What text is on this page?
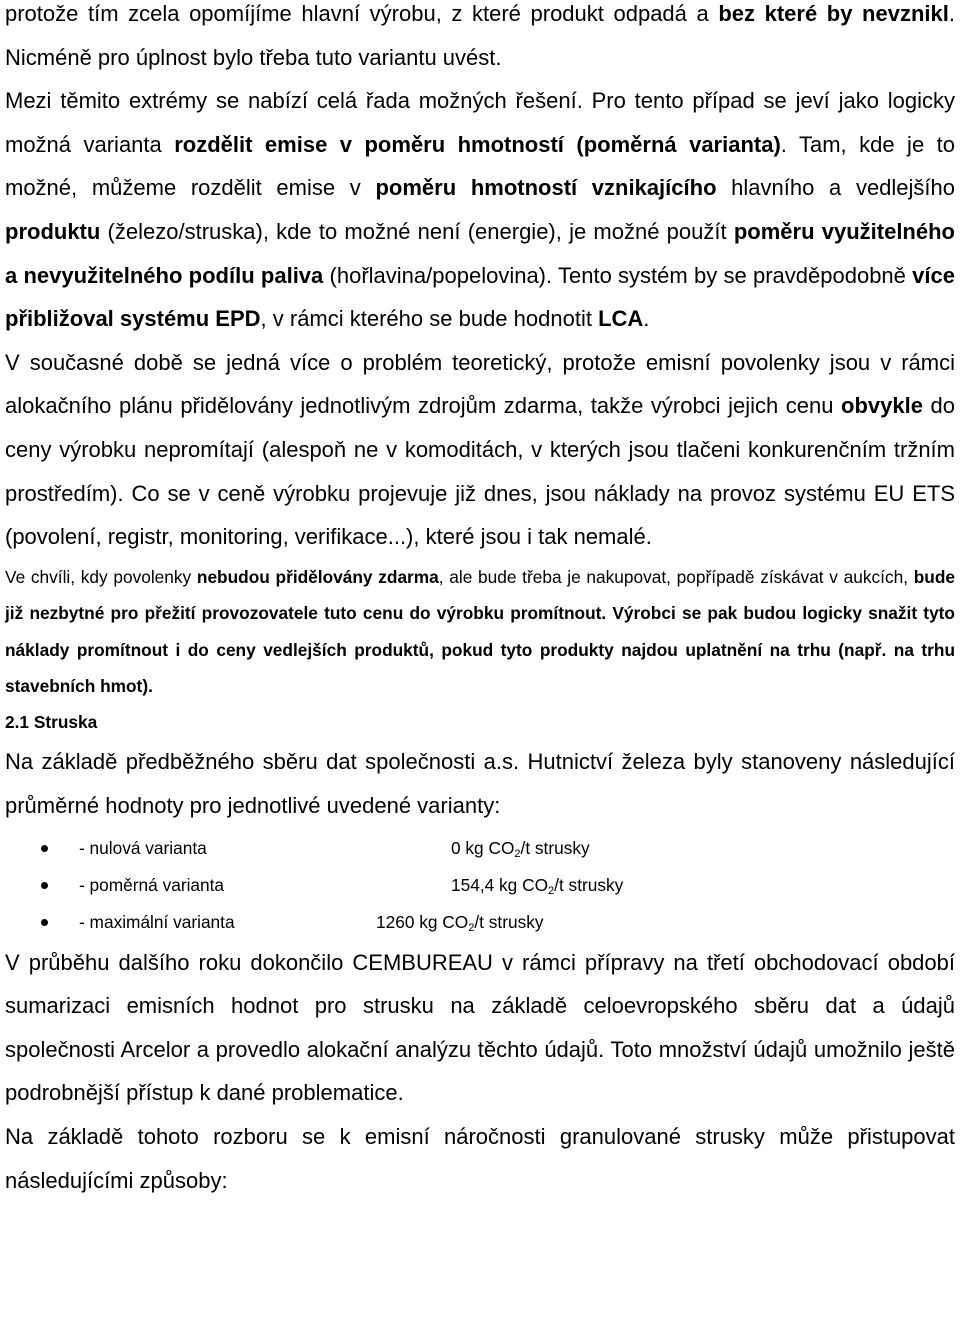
protože tím zcela opomíjíme hlavní výrobu, z které produkt odpadá a bez které by nevznikl. Nicméně pro úplnost bylo třeba tuto variantu uvést.

Mezi těmito extrémy se nabízí celá řada možných řešení. Pro tento případ se jeví jako logicky možná varianta rozdělit emise v poměru hmotností (poměrná varianta). Tam, kde je to možné, můžeme rozdělit emise v poměru hmotností vznikajícího hlavního a vedlejšího produktu (železo/struska), kde to možné není (energie), je možné použít poměru využitelného a nevyužitelného podílu paliva (hořlavina/popelovina). Tento systém by se pravděpodobně více přibližoval systému EPD, v rámci kterého se bude hodnotit LCA.

V současné době se jedná více o problém teoretický, protože emisní povolenky jsou v rámci alokačního plánu přidělovány jednotlivým zdrojům zdarma, takže výrobci jejich cenu obvykle do ceny výrobku nepromítají (alespoň ne v komoditách, v kterých jsou tlačeni konkurenčním tržním prostředím). Co se v ceně výrobku projevuje již dnes, jsou náklady na provoz systému EU ETS (povolení, registr, monitoring, verifikace...), které jsou i tak nemalé.

Ve chvíli, kdy povolenky nebudou přidělovány zdarma, ale bude třeba je nakupovat, popřípadě získávat v aukcích, bude již nezbytné pro přežití provozovatele tuto cenu do výrobku promítnout. Výrobci se pak budou logicky snažit tyto náklady promítnout i do ceny vedlejších produktů, pokud tyto produkty najdou uplatnění na trhu (např. na trhu stavebních hmot).

2.1 Struska

Na základě předběžného sběru dat společnosti a.s. Hutnictví železa byly stanoveny následující průměrné hodnoty pro jednotlivé uvedené varianty:

- nulová varianta	0 kg $CO_2/t$ strusky
- poměrná varianta	154,4 kg $CO_2/t$ strusky
- maximální varianta	1260 kg $CO_2/t$ strusky

V průběhu dalšího roku dokončilo CEMBUREAU v rámci přípravy na třetí obchodovací období sumarizaci emisních hodnot pro strusku na základě celoevropského sběru dat a údajů společnosti Arcelor a provedlo alokační analýzu těchto údajů. Toto množství údajů umožnilo ještě podrobnější přístup k dané problematice.

Na základě tohoto rozboru se k emisní náročnosti granulované strusky může přistupovat následujícími způsoby:
